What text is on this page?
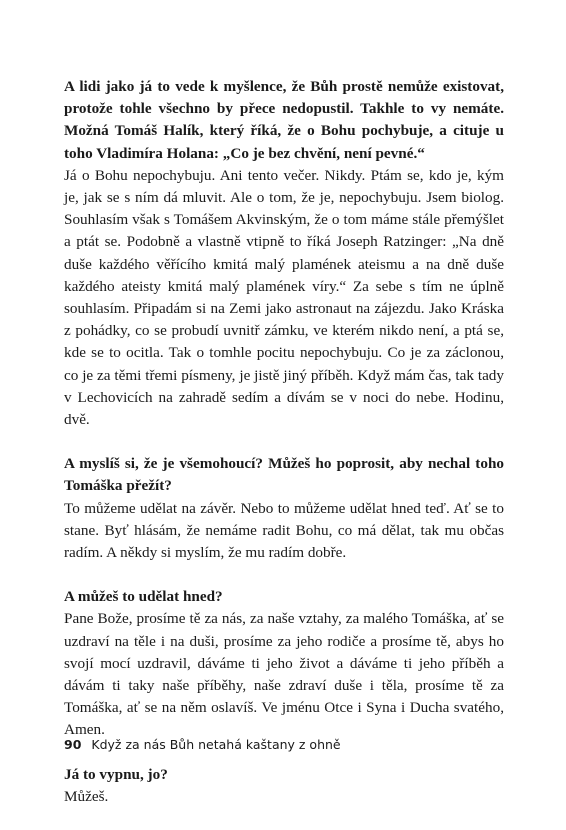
A lidi jako já to vede k myšlence, že Bůh prostě nemůže existovat, protože tohle všechno by přece nedopustil. Takhle to vy nemáte. Možná Tomáš Halík, který říká, že o Bohu pochybuje, a cituje u toho Vladimíra Holana: „Co je bez chvění, není pevné.“
Já o Bohu nepochybuju. Ani tento večer. Nikdy. Ptám se, kdo je, kým je, jak se s ním dá mluvit. Ale o tom, že je, nepochybuju. Jsem biolog. Souhlasím však s Tomášem Akvinským, že o tom máme stále přemýšlet a ptát se. Podobně a vlastně vtipně to říká Joseph Ratzinger: „Na dně duše každého věřícího kmitá malý plamének ateismu a na dně duše každého ateisty kmitá malý plamének víry.“ Za sebe s tím ne úplně souhlasím. Připadám si na Zemi jako astronaut na zájezdu. Jako Kráska z pohádky, co se probudí uvnitř zámku, ve kterém nikdo není, a ptá se, kde se to ocitla. Tak o tomhle pocitu nepochybuju. Co je za záclonou, co je za těmi třemi písmeny, je jistě jiný příběh. Když mám čas, tak tady v Lechovicích na zahradě sedím a dívám se v noci do nebe. Hodinu, dvě.
A myslíš si, že je všemohoucí? Můžeš ho poprosit, aby nechal toho Tomáška přežít?
To můžeme udělat na závěr. Nebo to můžeme udělat hned teď. Ať se to stane. Byť hlásám, že nemáme radit Bohu, co má dělat, tak mu občas radím. A někdy si myslím, že mu radím dobře.
A můžeš to udělat hned?
Pane Bože, prosíme tě za nás, za naše vztahy, za malého Tomáška, ať se uzdraví na těle i na duši, prosíme za jeho rodiče a prosíme tě, abys ho svojí mocí uzdravil, dáváme ti jeho život a dáváme ti jeho příběh a dávám ti taky naše příběhy, naše zdraví duše i těla, prosíme tě za Tomáška, ať se na něm oslavíš. Ve jménu Otce i Syna i Ducha svatého, Amen.
Já to vypnu, jo?
Můžeš.
90 Když za nás Bůh netahá kaštany z ohně
